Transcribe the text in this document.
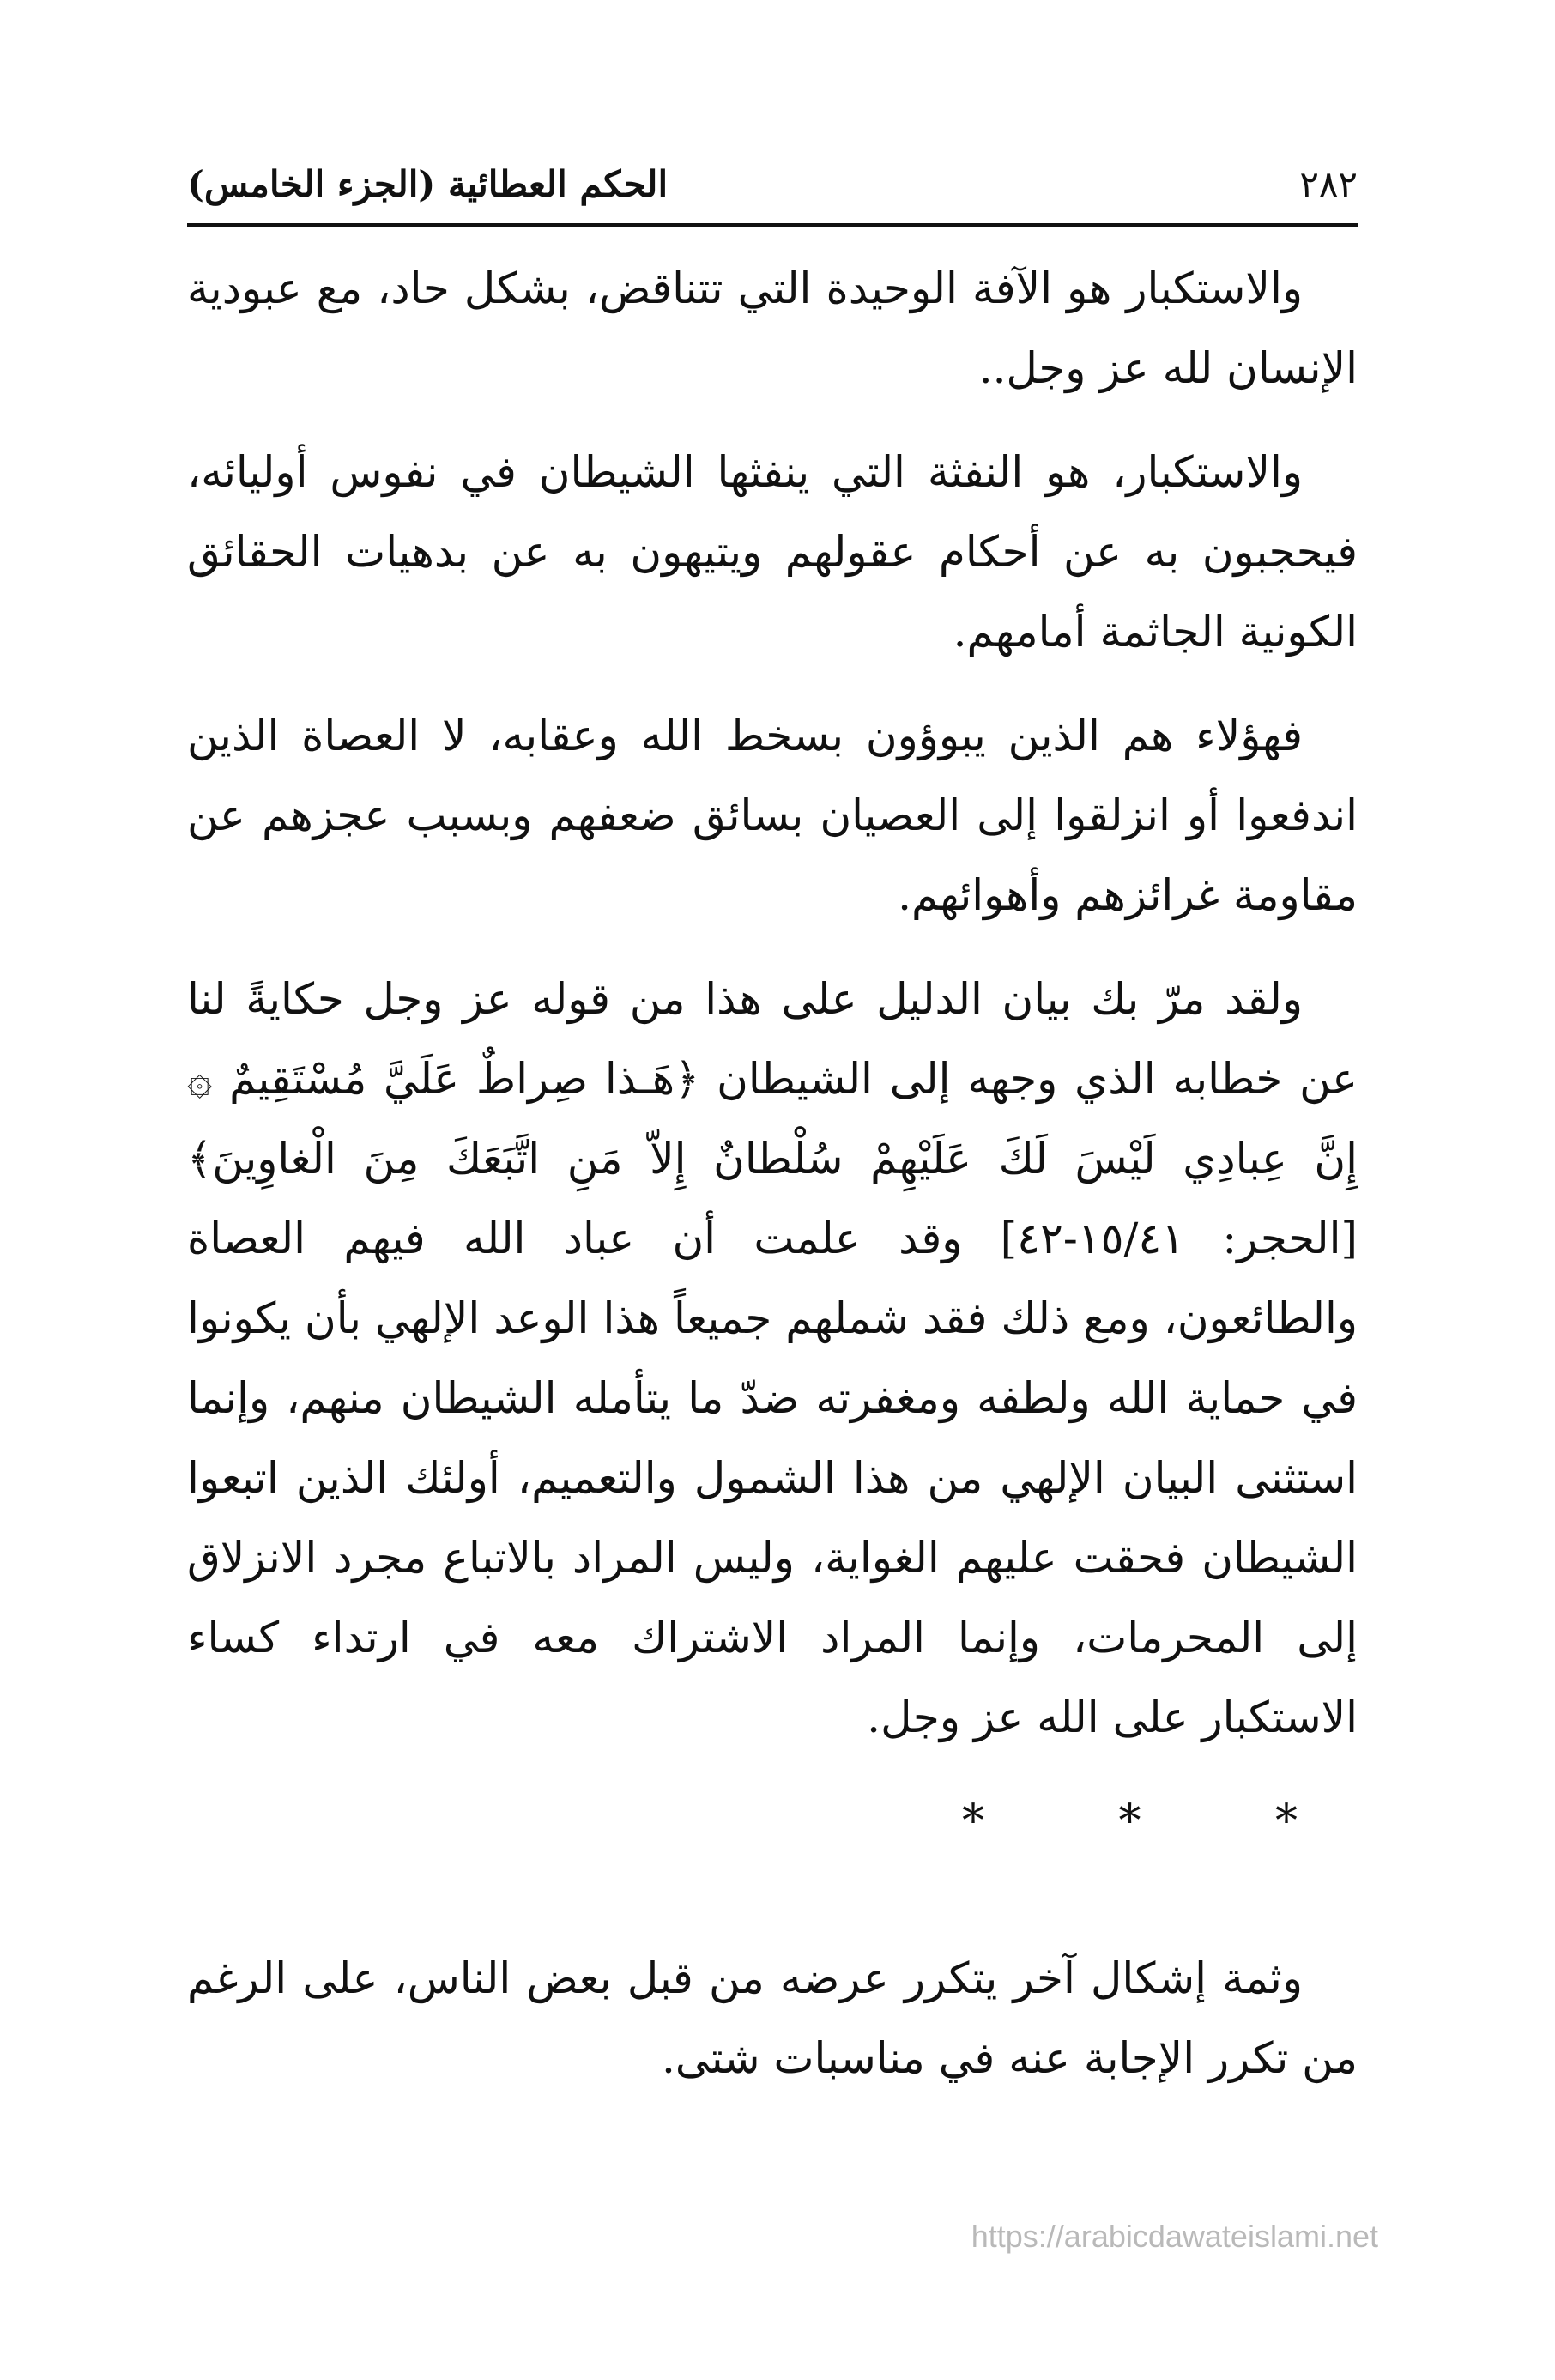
الحكم العطائية (الجزء الخامس)	٢٨٢

والاستكبار هو الآفة الوحيدة التي تتناقض، بشكل حاد، مع عبودية الإنسان لله عز وجل..

والاستكبار، هو النفثة التي ينفثها الشيطان في نفوس أوليائه، فيحجبون به عن أحكام عقولهم ويتيهون به عن بدهيات الحقائق الكونية الجاثمة أمامهم.

فهؤلاء هم الذين يبوؤون بسخط الله وعقابه، لا العصاة الذين اندفعوا أو انزلقوا إلى العصيان بسائق ضعفهم وبسبب عجزهم عن مقاومة غرائزهم وأهوائهم.

ولقد مرّ بك بيان الدليل على هذا من قوله عز وجل حكايةً لنا عن خطابه الذي وجهه إلى الشيطان ﴿هَـذا صِراطٌ عَلَيَّ مُسْتَقِيمٌ ۞ إِنَّ عِبادِي لَيْسَ لَكَ عَلَيْهِمْ سُلْطانٌ إِلاّ مَنِ اتَّبَعَكَ مِنَ الْغاوِينَ﴾ [الحجر: ١٥/٤١-٤٢] وقد علمت أن عباد الله فيهم العصاة والطائعون، ومع ذلك فقد شملهم جميعاً هذا الوعد الإلهي بأن يكونوا في حماية الله ولطفه ومغفرته ضدّ ما يتأمله الشيطان منهم، وإنما استثنى البيان الإلهي من هذا الشمول والتعميم، أولئك الذين اتبعوا الشيطان فحقت عليهم الغواية، وليس المراد بالاتباع مجرد الانزلاق إلى المحرمات، وإنما المراد الاشتراك معه في ارتداء كساء الاستكبار على الله عز وجل.

*	*	*

وثمة إشكال آخر يتكرر عرضه من قبل بعض الناس، على الرغم من تكرر الإجابة عنه في مناسبات شتى.

https://arabicdawateislami.net
